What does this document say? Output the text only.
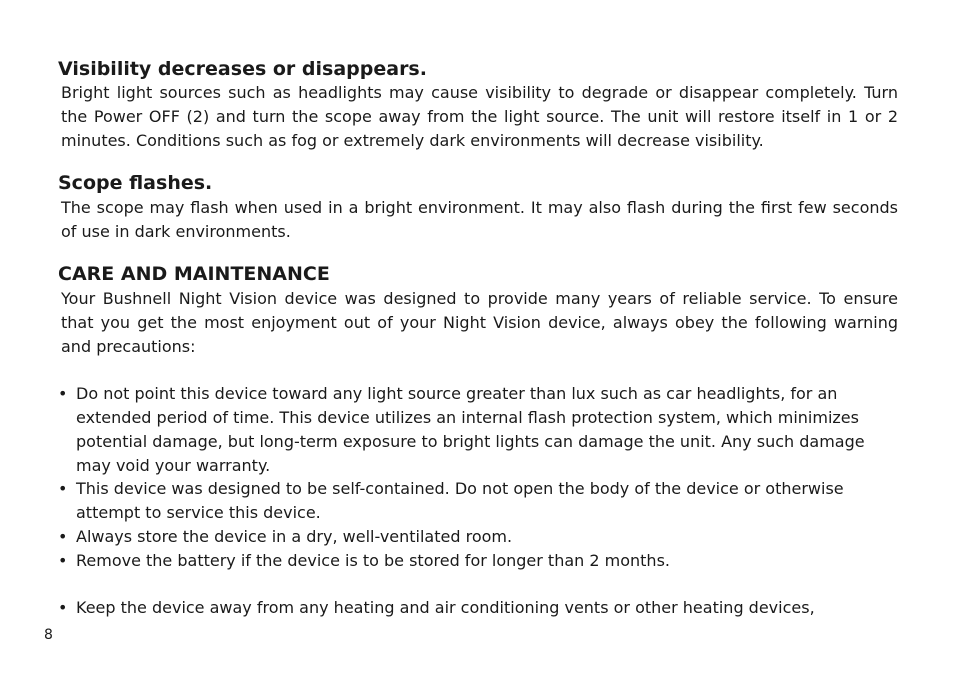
Visibility decreases or disappears.

Bright light sources such as headlights may cause visibility to degrade or disappear completely. Turn the Power OFF (2) and turn the scope away from the light source. The unit will restore itself in 1 or 2 minutes. Conditions such as fog or extremely dark environments will decrease visibility.

Scope flashes.

The scope may flash when used in a bright environment. It may also flash during the first few seconds of use in dark environments.

CARE AND MAINTENANCE

Your Bushnell Night Vision device was designed to provide many years of reliable service. To ensure that you get the most enjoyment out of your Night Vision device, always obey the following warning and precautions:

• Do not point this device toward any light source greater than lux such as car headlights, for an extended period of time. This device utilizes an internal flash protection system, which minimizes potential damage, but long-term exposure to bright lights can damage the unit. Any such damage may void your warranty.
• This device was designed to be self-contained. Do not open the body of the device or otherwise attempt to service this device.
• Always store the device in a dry, well-ventilated room.
• Remove the battery if the device is to be stored for longer than 2 months.
• Keep the device away from any heating and air conditioning vents or other heating devices,
8
